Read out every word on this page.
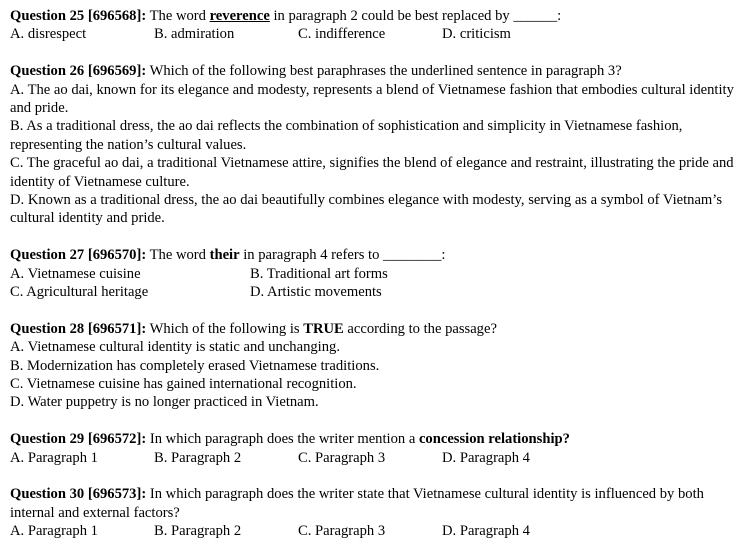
Question 25 [696568]: The word reverence in paragraph 2 could be best replaced by ______:
A. disrespect	B. admiration	C. indifference	D. criticism
Question 26 [696569]: Which of the following best paraphrases the underlined sentence in paragraph 3?
A. The ao dai, known for its elegance and modesty, represents a blend of Vietnamese fashion that embodies cultural identity and pride.
B. As a traditional dress, the ao dai reflects the combination of sophistication and simplicity in Vietnamese fashion, representing the nation’s cultural values.
C. The graceful ao dai, a traditional Vietnamese attire, signifies the blend of elegance and restraint, illustrating the pride and identity of Vietnamese culture.
D. Known as a traditional dress, the ao dai beautifully combines elegance with modesty, serving as a symbol of Vietnam’s cultural identity and pride.
Question 27 [696570]: The word their in paragraph 4 refers to ________:
A. Vietnamese cuisine	B. Traditional art forms
C. Agricultural heritage	D. Artistic movements
Question 28 [696571]: Which of the following is TRUE according to the passage?
A. Vietnamese cultural identity is static and unchanging.
B. Modernization has completely erased Vietnamese traditions.
C. Vietnamese cuisine has gained international recognition.
D. Water puppetry is no longer practiced in Vietnam.
Question 29 [696572]: In which paragraph does the writer mention a concession relationship?
A. Paragraph 1	B. Paragraph 2	C. Paragraph 3	D. Paragraph 4
Question 30 [696573]: In which paragraph does the writer state that Vietnamese cultural identity is influenced by both internal and external factors?
A. Paragraph 1	B. Paragraph 2	C. Paragraph 3	D. Paragraph 4
